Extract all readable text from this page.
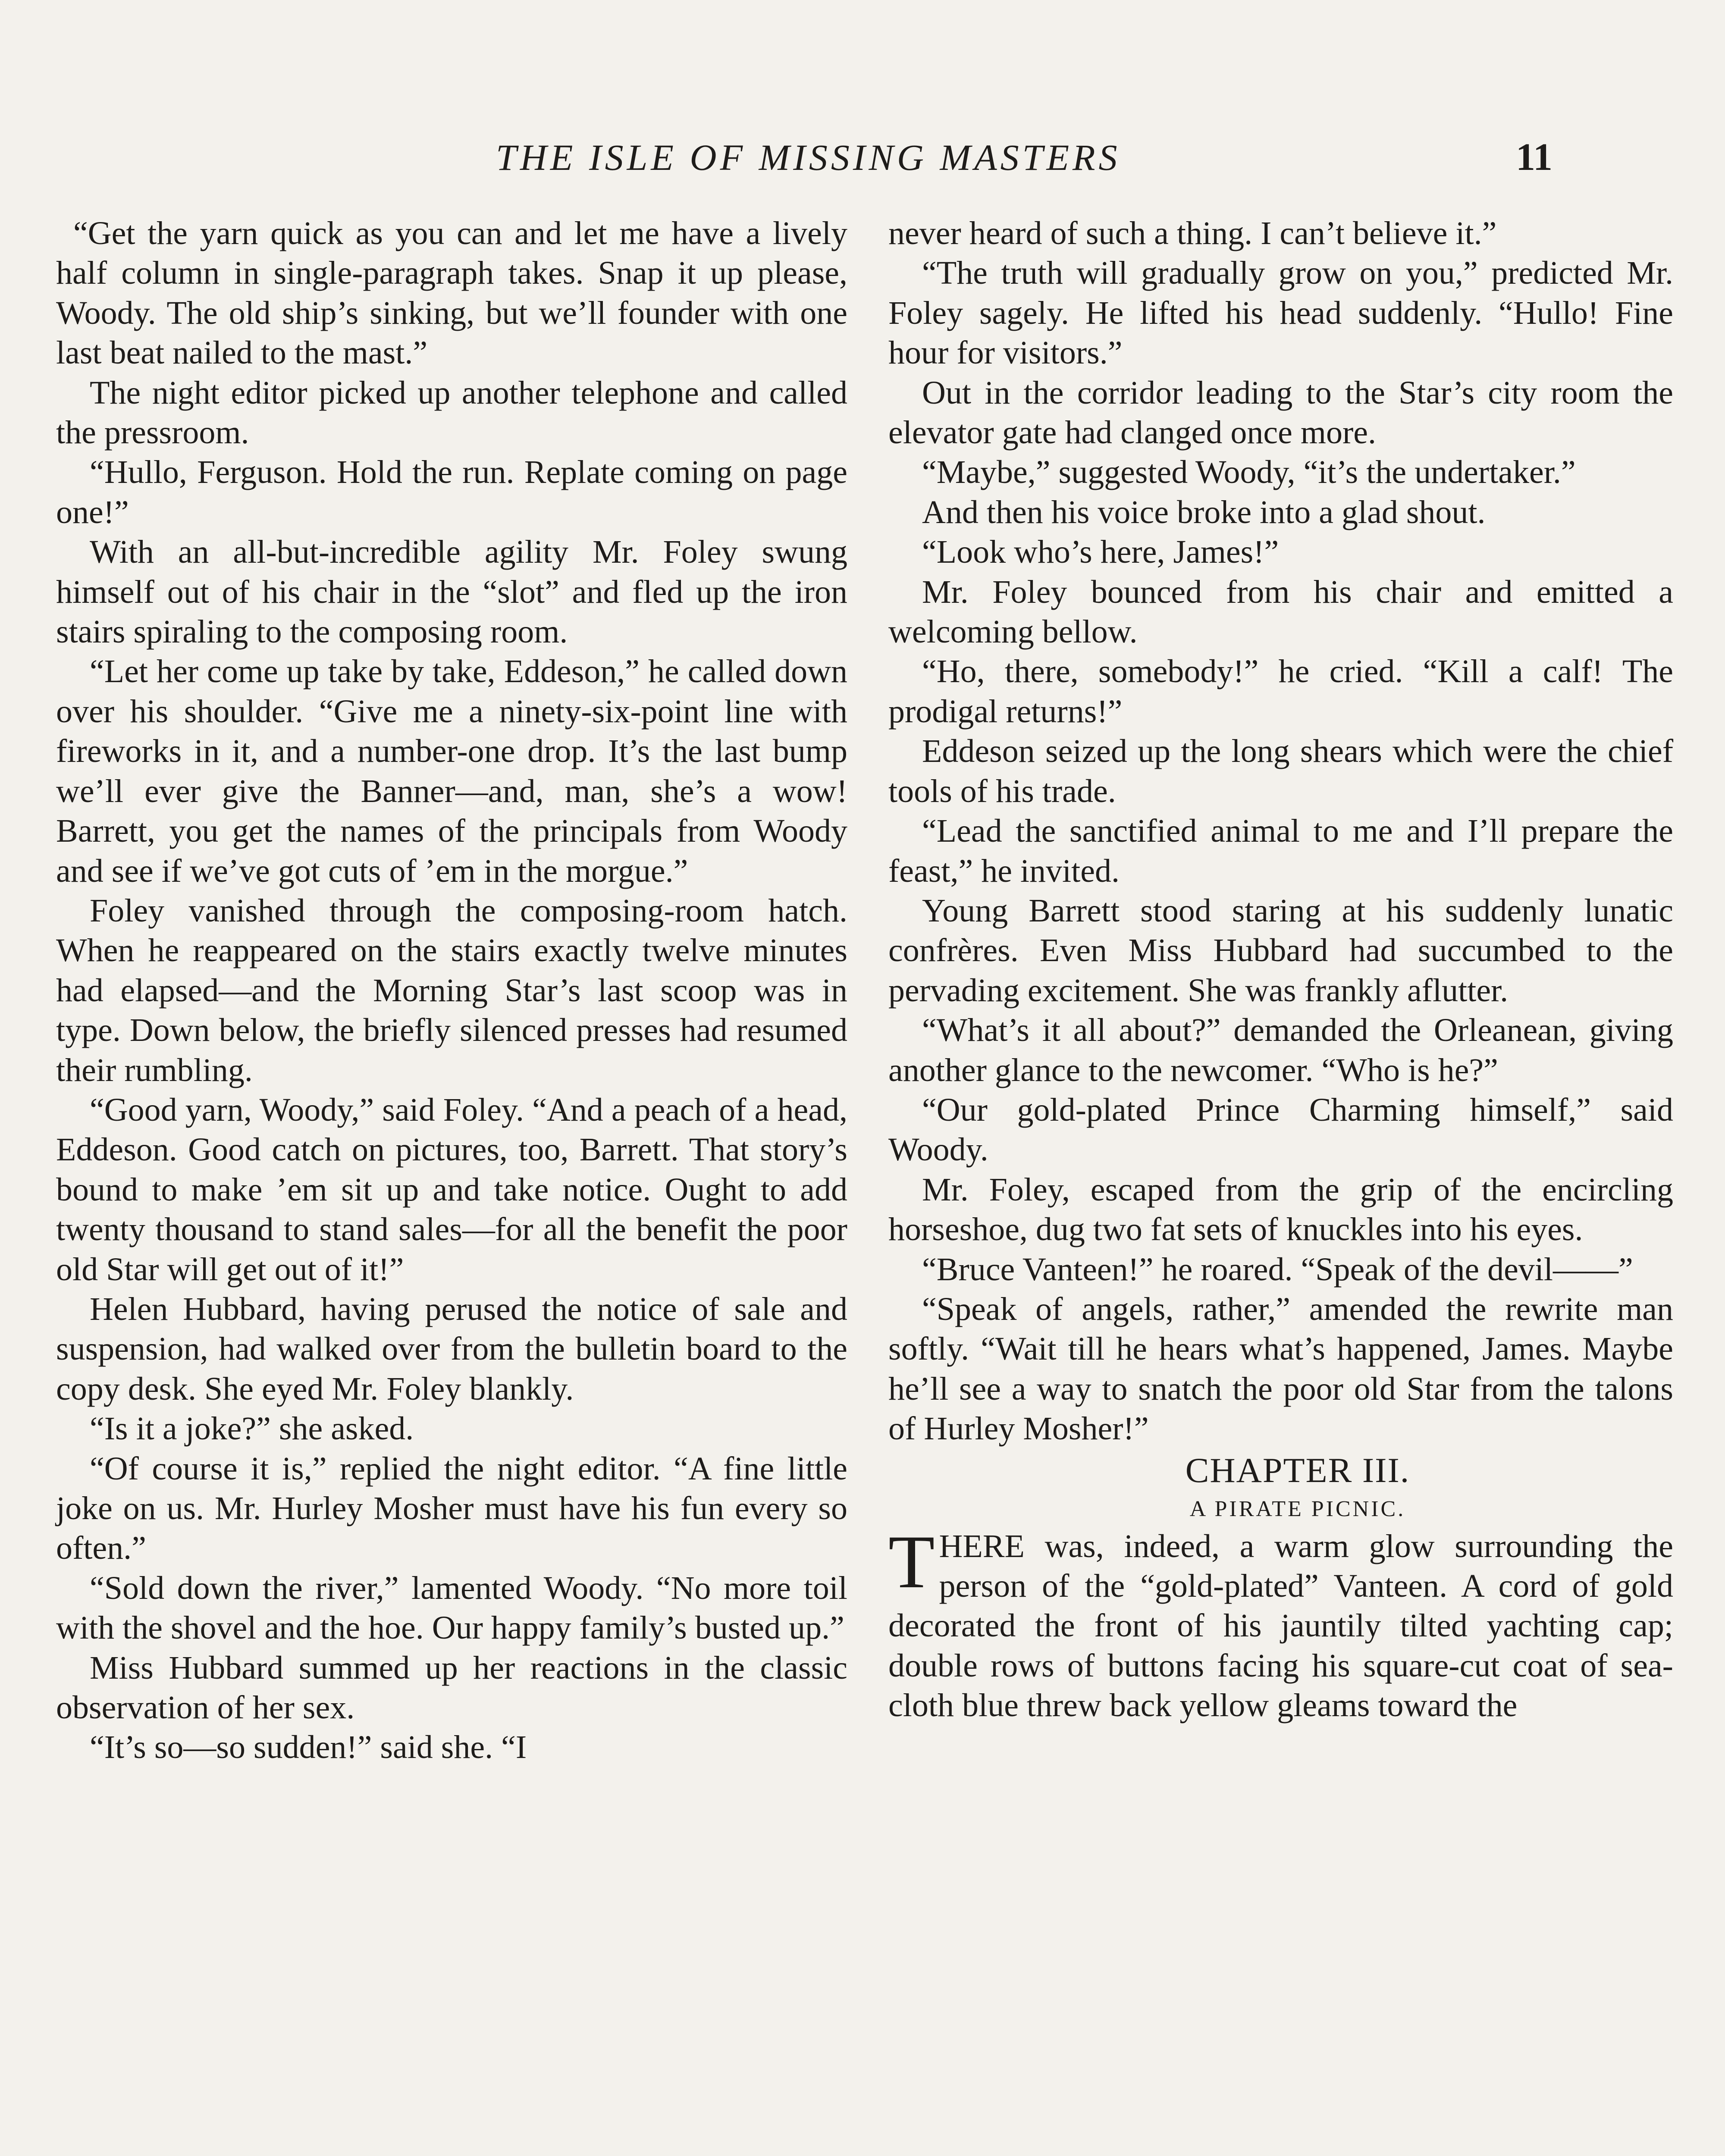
THE ISLE OF MISSING MASTERS	11

“Get the yarn quick as you can and let me have a lively half column in single-paragraph takes. Snap it up please, Woody. The old ship’s sinking, but we’ll founder with one last beat nailed to the mast.”

The night editor picked up another telephone and called the pressroom.

“Hullo, Ferguson. Hold the run. Replate coming on page one!”

With an all-but-incredible agility Mr. Foley swung himself out of his chair in the “slot” and fled up the iron stairs spiraling to the composing room.

“Let her come up take by take, Eddeson,” he called down over his shoulder. “Give me a ninety-six-point line with fireworks in it, and a number-one drop. It’s the last bump we’ll ever give the Banner—and, man, she’s a wow! Barrett, you get the names of the principals from Woody and see if we’ve got cuts of ’em in the morgue.”

Foley vanished through the composing-room hatch. When he reappeared on the stairs exactly twelve minutes had elapsed—and the Morning Star’s last scoop was in type. Down below, the briefly silenced presses had resumed their rumbling.

“Good yarn, Woody,” said Foley. “And a peach of a head, Eddeson. Good catch on pictures, too, Barrett. That story’s bound to make ’em sit up and take notice. Ought to add twenty thousand to stand sales—for all the benefit the poor old Star will get out of it!”

Helen Hubbard, having perused the notice of sale and suspension, had walked over from the bulletin board to the copy desk. She eyed Mr. Foley blankly.

“Is it a joke?” she asked.

“Of course it is,” replied the night editor. “A fine little joke on us. Mr. Hurley Mosher must have his fun every so often.”

“Sold down the river,” lamented Woody. “No more toil with the shovel and the hoe. Our happy family’s busted up.”

Miss Hubbard summed up her reactions in the classic observation of her sex.

“It’s so—so sudden!” said she. “I

never heard of such a thing. I can’t believe it.”

“The truth will gradually grow on you,” predicted Mr. Foley sagely. He lifted his head suddenly. “Hullo! Fine hour for visitors.”

Out in the corridor leading to the Star’s city room the elevator gate had clanged once more.

“Maybe,” suggested Woody, “it’s the undertaker.”

And then his voice broke into a glad shout.

“Look who’s here, James!”

Mr. Foley bounced from his chair and emitted a welcoming bellow.

“Ho, there, somebody!” he cried. “Kill a calf! The prodigal returns!”

Eddeson seized up the long shears which were the chief tools of his trade.

“Lead the sanctified animal to me and I’ll prepare the feast,” he invited.

Young Barrett stood staring at his suddenly lunatic confrères. Even Miss Hubbard had succumbed to the pervading excitement. She was frankly aflutter.

“What’s it all about?” demanded the Orleanean, giving another glance to the newcomer. “Who is he?”

“Our gold-plated Prince Charming himself,” said Woody.

Mr. Foley, escaped from the grip of the encircling horseshoe, dug two fat sets of knuckles into his eyes.

“Bruce Vanteen!” he roared. “Speak of the devil——”

“Speak of angels, rather,” amended the rewrite man softly. “Wait till he hears what’s happened, James. Maybe he’ll see a way to snatch the poor old Star from the talons of Hurley Mosher!”

CHAPTER III.

A PIRATE PICNIC.

THERE was, indeed, a warm glow surrounding the person of the “gold-plated” Vanteen. A cord of gold decorated the front of his jauntily tilted yachting cap; double rows of buttons facing his square-cut coat of sea-cloth blue threw back yellow gleams toward the
